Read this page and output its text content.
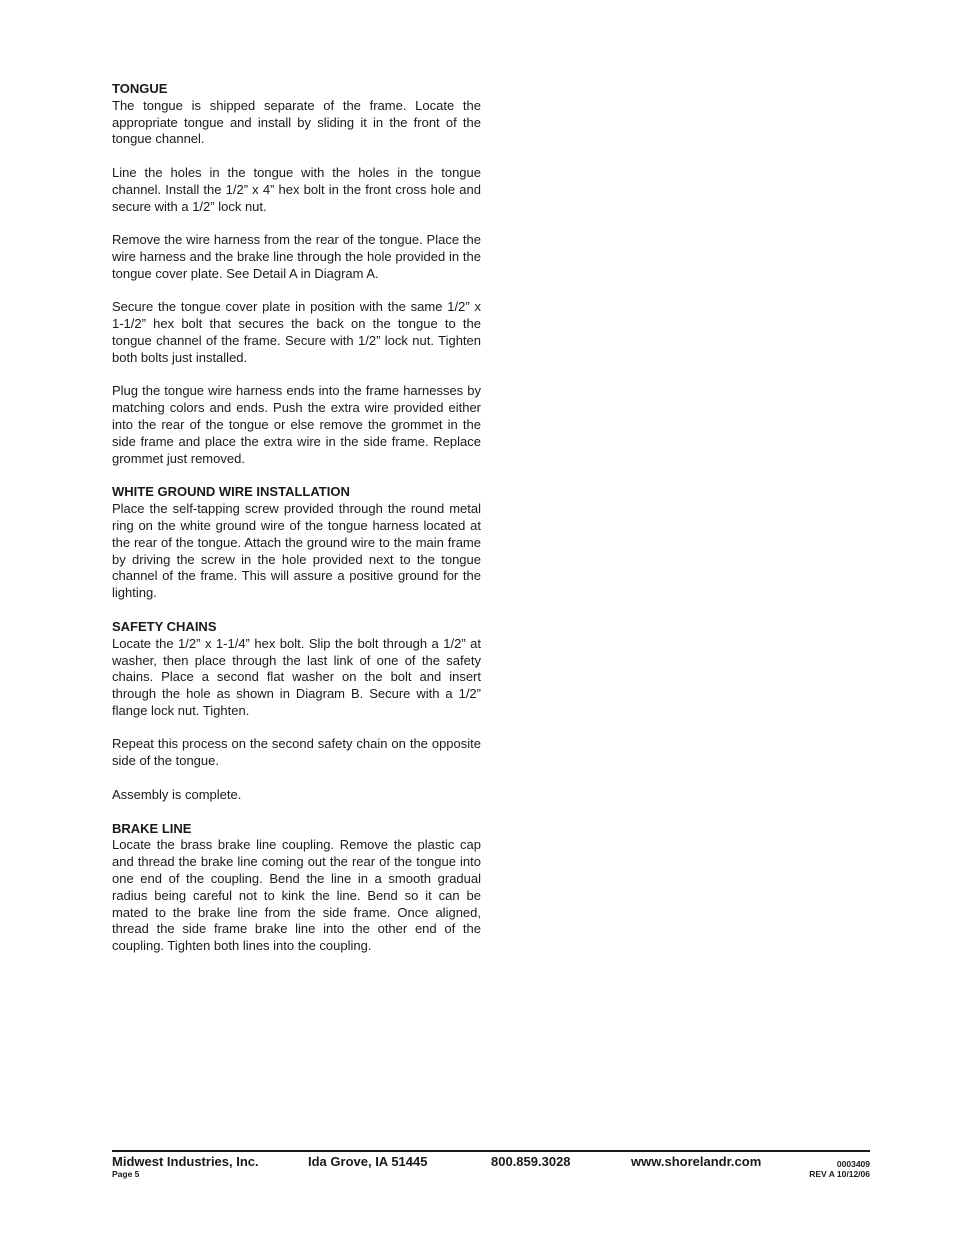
TONGUE

The tongue is shipped separate of the frame. Locate the appropriate tongue and install by sliding it in the front of the tongue channel.

Line the holes in the tongue with the holes in the tongue channel. Install the 1/2” x 4” hex bolt in the front cross hole and secure with a 1/2” lock nut.

Remove the wire harness from the rear of the tongue. Place the wire harness and the brake line through the hole provided in the tongue cover plate. See Detail A in Diagram A.

Secure the tongue cover plate in position with the same 1/2” x 1-1/2” hex bolt that secures the back on the tongue to the tongue channel of the frame. Secure with 1/2” lock nut. Tighten both bolts just installed.

Plug the tongue wire harness ends into the frame harnesses by matching colors and ends. Push the extra wire provided either into the rear of the tongue or else remove the grommet in the side frame and place the extra wire in the side frame. Replace grommet just removed.

WHITE GROUND WIRE INSTALLATION

Place the self-tapping screw provided through the round metal ring on the white ground wire of the tongue harness located at the rear of the tongue. Attach the ground wire to the main frame by driving the screw in the hole provided next to the tongue channel of the frame. This will assure a positive ground for the lighting.

SAFETY CHAINS

Locate the 1/2” x 1-1/4” hex bolt. Slip the bolt through a 1/2” at washer, then place through the last link of one of the safety chains. Place a second flat washer on the bolt and insert through the hole as shown in Diagram B. Secure with a 1/2” flange lock nut. Tighten.

Repeat this process on the second safety chain on the opposite side of the tongue.

Assembly is complete.

BRAKE LINE

Locate the brass brake line coupling. Remove the plastic cap and thread the brake line coming out the rear of the tongue into one end of the coupling. Bend the line in a smooth gradual radius being careful not to kink the line. Bend so it can be mated to the brake line from the side frame. Once aligned, thread the side frame brake line into the other end of the coupling. Tighten both lines into the coupling.

Midwest Industries, Inc.	Ida Grove, IA 51445	800.859.3028	www.shorelandr.com	0003409
Page 5	REV A 10/12/06
